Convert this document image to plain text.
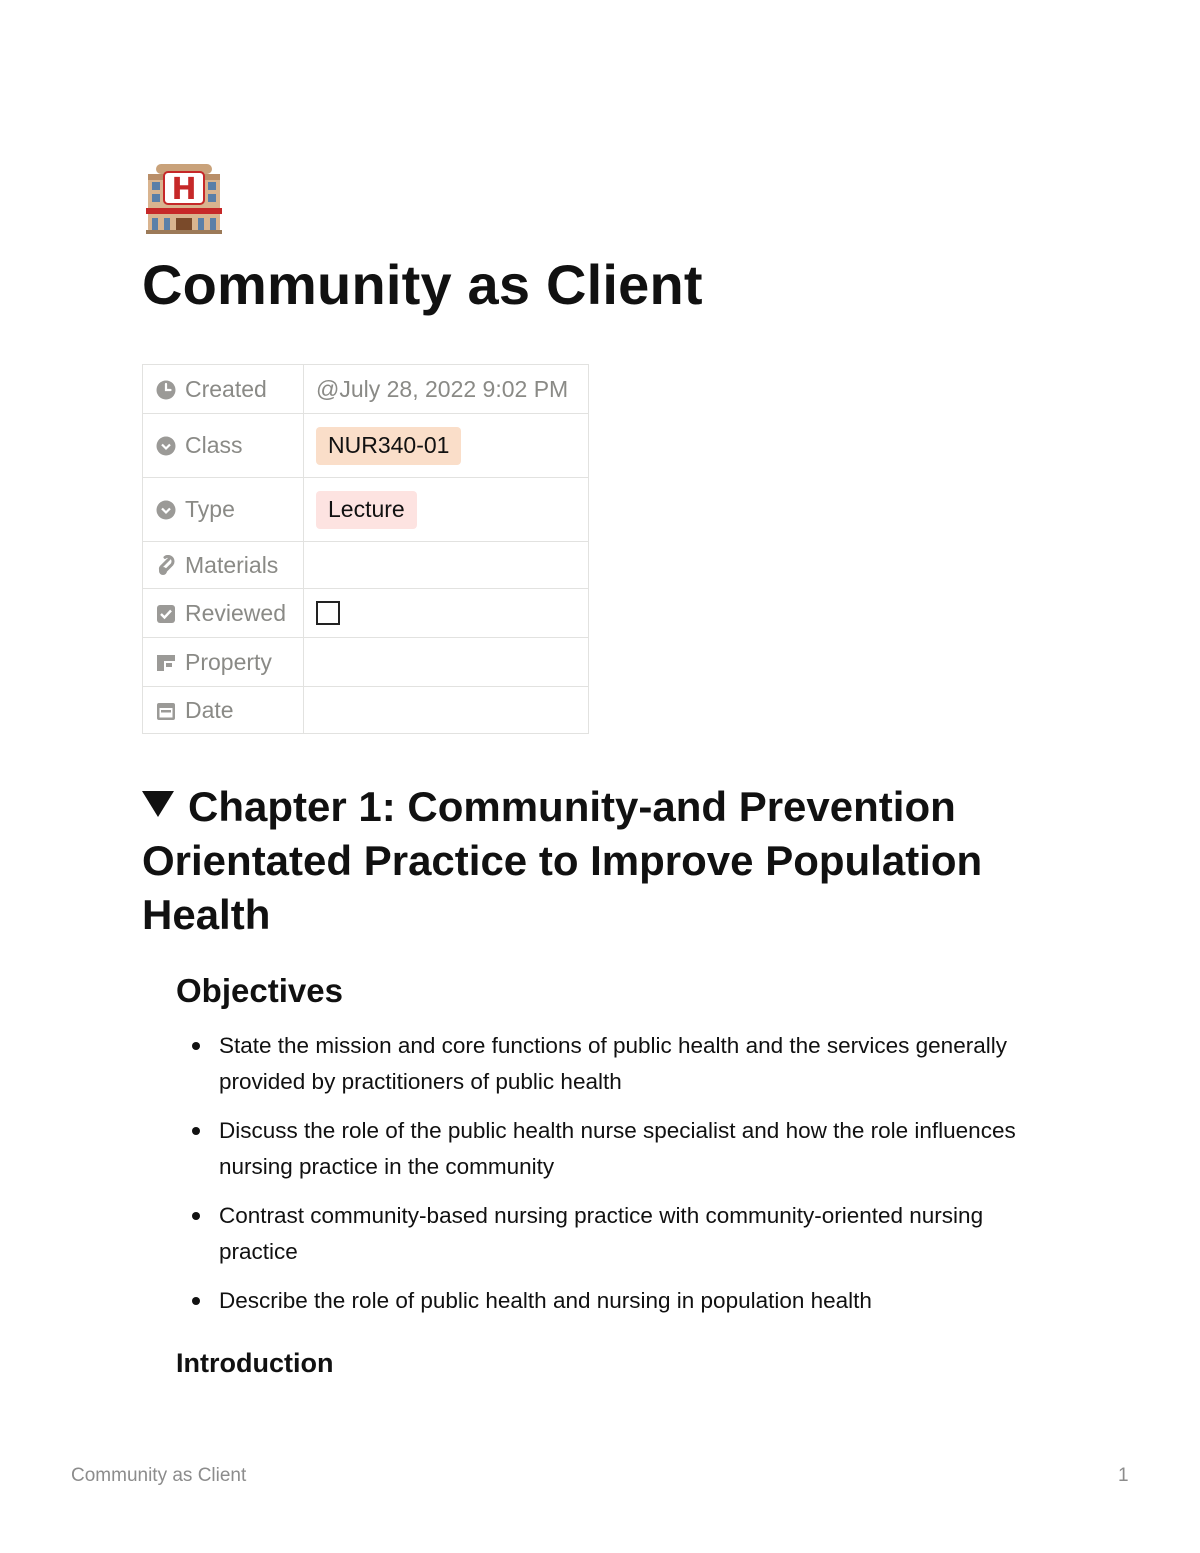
H
Community as Client
Created	@July 28, 2022 9:02 PM
Class	NUR340-01
Type	Lecture
Materials	
Reviewed	
Property	
Date	
Chapter 1: Community-and Prevention Orientated Practice to Improve Population Health
Objectives
State the mission and core functions of public health and the services generally provided by practitioners of public health
Discuss the role of the public health nurse specialist and how the role influences nursing practice in the community
Contrast community-based nursing practice with community-oriented nursing practice
Describe the role of public health and nursing in population health
Introduction
Community as Client	1
